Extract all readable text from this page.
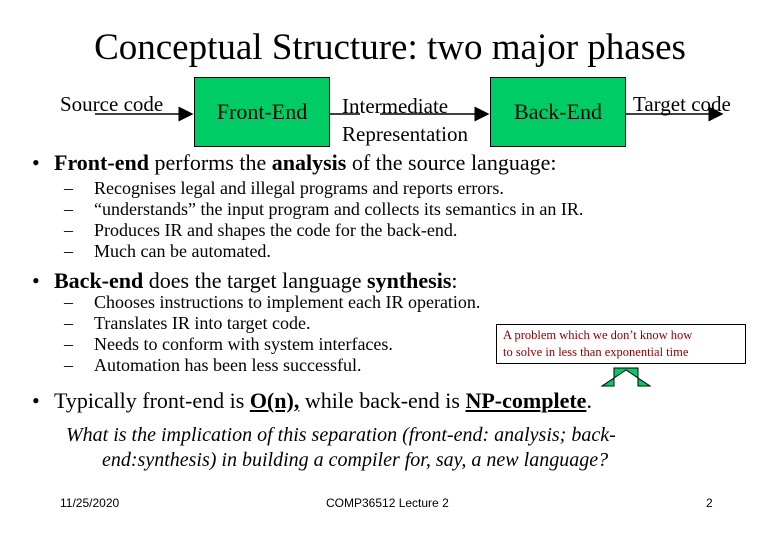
Conceptual Structure: two major phases
Source code	Front-End	Intermediate
Representation
Back-End	Target code
• Front-end performs the analysis of the source language:
– Recognises legal and illegal programs and reports errors.
– “understands” the input program and collects its semantics in an IR.
– Produces IR and shapes the code for the back-end.
– Much can be automated.
• Back-end does the target language synthesis:
– Chooses instructions to implement each IR operation.
– Translates IR into target code.
– Needs to conform with system interfaces.
– Automation has been less successful.
A problem which we don’t know how
to solve in less than exponential time
• Typically front-end is O(n), while back-end is NP-complete.
What is the implication of this separation (front-end: analysis; back-
end:synthesis) in building a compiler for, say, a new language?
11/25/2020	COMP36512 Lecture 2	2
